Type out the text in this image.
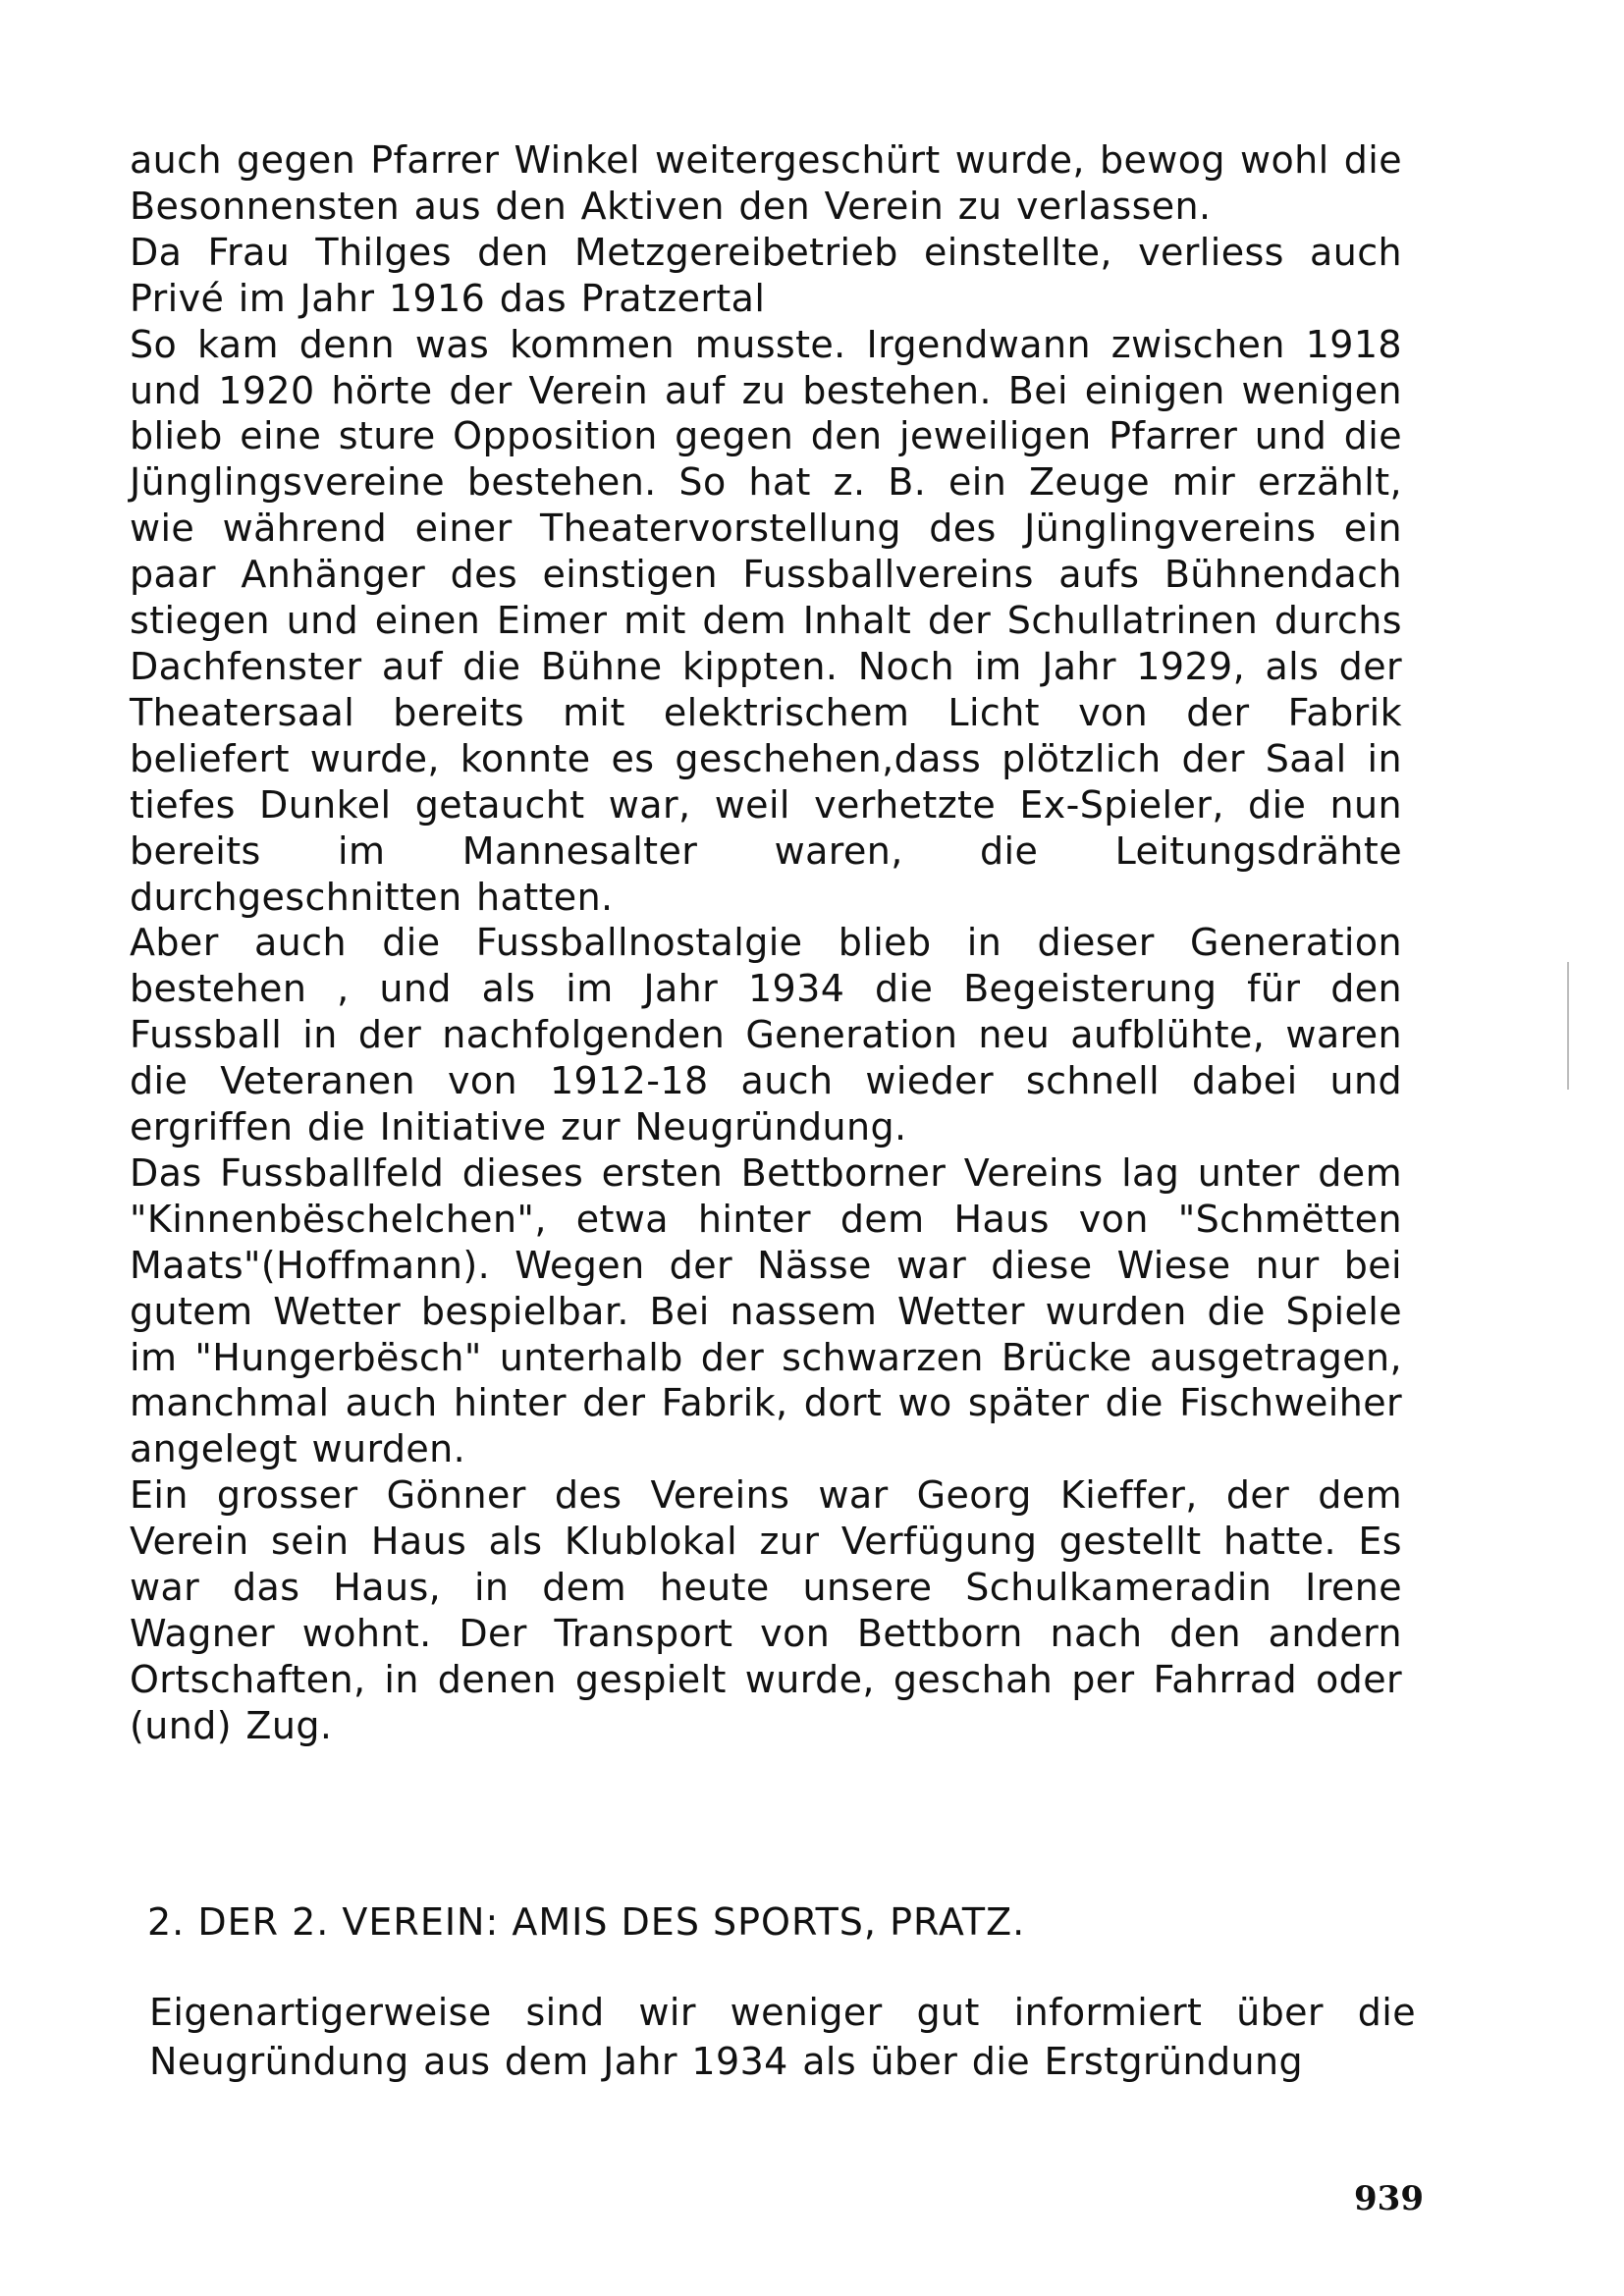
auch gegen Pfarrer Winkel weitergeschürt wurde, bewog wohl die Besonnensten aus den Aktiven den Verein zu verlassen.

Da Frau Thilges den Metzgereibetrieb einstellte, verliess auch Privé im Jahr 1916 das Pratzertal

So kam denn was kommen musste. Irgendwann zwischen 1918 und 1920 hörte der Verein auf zu bestehen. Bei einigen wenigen blieb eine sture Opposition gegen den jeweiligen Pfarrer und die Jünglingsvereine bestehen. So hat z. B. ein Zeuge mir erzählt, wie während einer Theatervorstellung des Jünglingvereins ein paar Anhänger des einstigen Fussballvereins aufs Bühnendach stiegen und einen Eimer mit dem Inhalt der Schullatrinen durchs Dachfenster auf die Bühne kippten. Noch im Jahr 1929, als der Theatersaal bereits mit elektrischem Licht von der Fabrik beliefert wurde, konnte es geschehen,dass plötzlich der Saal in tiefes Dunkel getaucht war, weil verhetzte Ex-Spieler, die nun bereits im Mannesalter waren, die Leitungsdrähte durchgeschnitten hatten.

Aber auch die Fussballnostalgie blieb in dieser Generation bestehen , und als im Jahr 1934 die Begeisterung für den Fussball in der nachfolgenden Generation neu aufblühte, waren die Veteranen von 1912-18 auch wieder schnell dabei und ergriffen die Initiative zur Neugründung.

Das Fussballfeld dieses ersten Bettborner Vereins lag unter dem "Kinnenbëschelchen", etwa hinter dem Haus von "Schmëtten Maats"(Hoffmann). Wegen der Nässe war diese Wiese nur bei gutem Wetter bespielbar. Bei nassem Wetter wurden die Spiele im "Hungerbësch" unterhalb der schwarzen Brücke ausgetragen, manchmal auch hinter der Fabrik, dort wo später die Fischweiher angelegt wurden.

Ein grosser Gönner des Vereins war Georg Kieffer, der dem Verein sein Haus als Klublokal zur Verfügung gestellt hatte. Es war das Haus, in dem heute unsere Schulkameradin Irene Wagner wohnt. Der Transport von Bettborn nach den andern Ortschaften, in denen gespielt wurde, geschah per Fahrrad oder (und) Zug.

2. DER 2. VEREIN: AMIS DES SPORTS, PRATZ.

Eigenartigerweise sind wir weniger gut informiert über die Neugründung aus dem Jahr 1934 als über die Erstgründung

939
